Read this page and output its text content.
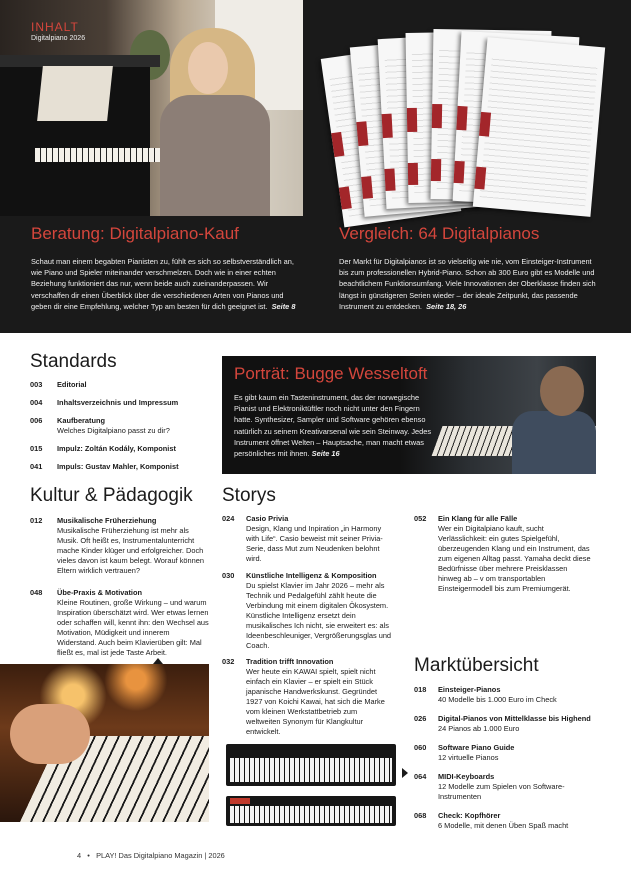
INHALT
Digitalpiano 2026
Beratung: Digitalpiano-Kauf
Schaut man einem begabten Pianisten zu, fühlt es sich so selbstverständlich an, wie Piano und Spieler miteinander verschmelzen. Doch wie in einer echten Beziehung funktioniert das nur, wenn beide auch zueinanderpassen. Wir verschaffen dir einen Überblick über die verschiedenen Arten von Pianos und geben dir eine Empfehlung, welcher Typ am besten für dich geeignet ist. Seite 8
Vergleich: 64 Digitalpianos
Der Markt für Digitalpianos ist so vielseitig wie nie, vom Einsteiger-Instrument bis zum professionellen Hybrid-Piano. Schon ab 300 Euro gibt es Modelle und beachtlichem Funktionsumfang. Viele Innovationen der Oberklasse finden sich längst in günstigeren Serien wieder – der ideale Zeitpunkt, das passende Instrument zu entdecken. Seite 18, 26
Standards
003	Editorial
004	Inhaltsverzeichnis und Impressum
006	Kaufberatung
Welches Digitalpiano passt zu dir?
015	Impulz: Zoltán Kodály, Komponist
041	Impuls: Gustav Mahler, Komponist
Kultur & Pädagogik
012	Musikalische Früherziehung
Musikalische Früherziehung ist mehr als Musik. Oft heißt es, Instrumentalunterricht mache Kinder klüger und erfolgreicher. Doch vieles davon ist kaum belegt. Worauf können Eltern wirklich vertrauen?
048	Übe-Praxis & Motivation
Kleine Routinen, große Wirkung – und warum Inspiration überschätzt wird. Wer etwas lernen oder schaffen will, kennt ihn: den Wechsel aus Motivation, Müdigkeit und innerem Widerstand. Auch beim Klavierüben gilt: Mal fließt es, mal ist jede Taste Arbeit.
Porträt: Bugge Wesseltoft
Es gibt kaum ein Tasteninstrument, das der norwegische Pianist und Elektroniktüftler noch nicht unter den Fingern hatte. Synthesizer, Sampler und Software gehören ebenso natürlich zu seinem Kreativarsenal wie sein Steinway. Jedes Instrument öffnet Welten – Hauptsache, man macht etwas persönliches mit ihnen. Seite 16
Storys
024 Casio Privia
Design, Klang und Inpiration „in Harmony with Life“. Casio beweist mit seiner Privia-Serie, dass Mut zum Neudenken belohnt wird.
030 Künstliche Intelligenz & Komposition
Du spielst Klavier im Jahr 2026 – mehr als Technik und Pedalgefühl zählt heute die Verbindung mit einem digitalen Ökosystem. Künstliche Intelligenz ersetzt dein musikalisches Ich nicht, sie erweitert es: als Ideenbeschleuniger, Vergrößerungsglas und Coach.
032 Tradition trifft Innovation
Wer heute ein KAWAI spielt, spielt nicht einfach ein Klavier – er spielt ein Stück japanische Handwerkskunst. Gegründet 1927 von Koichi Kawai, hat sich die Marke vom kleinen Werkstattbetrieb zum weltweiten Synonym für Klangkultur entwickelt.
052 Ein Klang für alle Fälle
Wer ein Digitalpiano kauft, sucht Verlässlichkeit: ein gutes Spielgefühl, überzeugenden Klang und ein Instrument, das zum eigenen Alltag passt. Yamaha deckt diese Bedürfnisse über mehrere Preisklassen hinweg ab – v om transportablen Einsteigermodell bis zum Premiumgerät.
Marktübersicht
018	Einsteiger-Pianos
40 Modelle bis 1.000 Euro im Check
026	Digital-Pianos von Mittelklasse bis Highend
24 Pianos ab 1.000 Euro
060	Software Piano Guide
12 virtuelle Pianos
064	MIDI-Keyboards
12 Modelle zum Spielen von Software-Instrumenten
068	Check: Kopfhörer
6 Modelle, mit denen Üben Spaß macht
4 • PLAY! Das Digitalpiano Magazin | 2026
